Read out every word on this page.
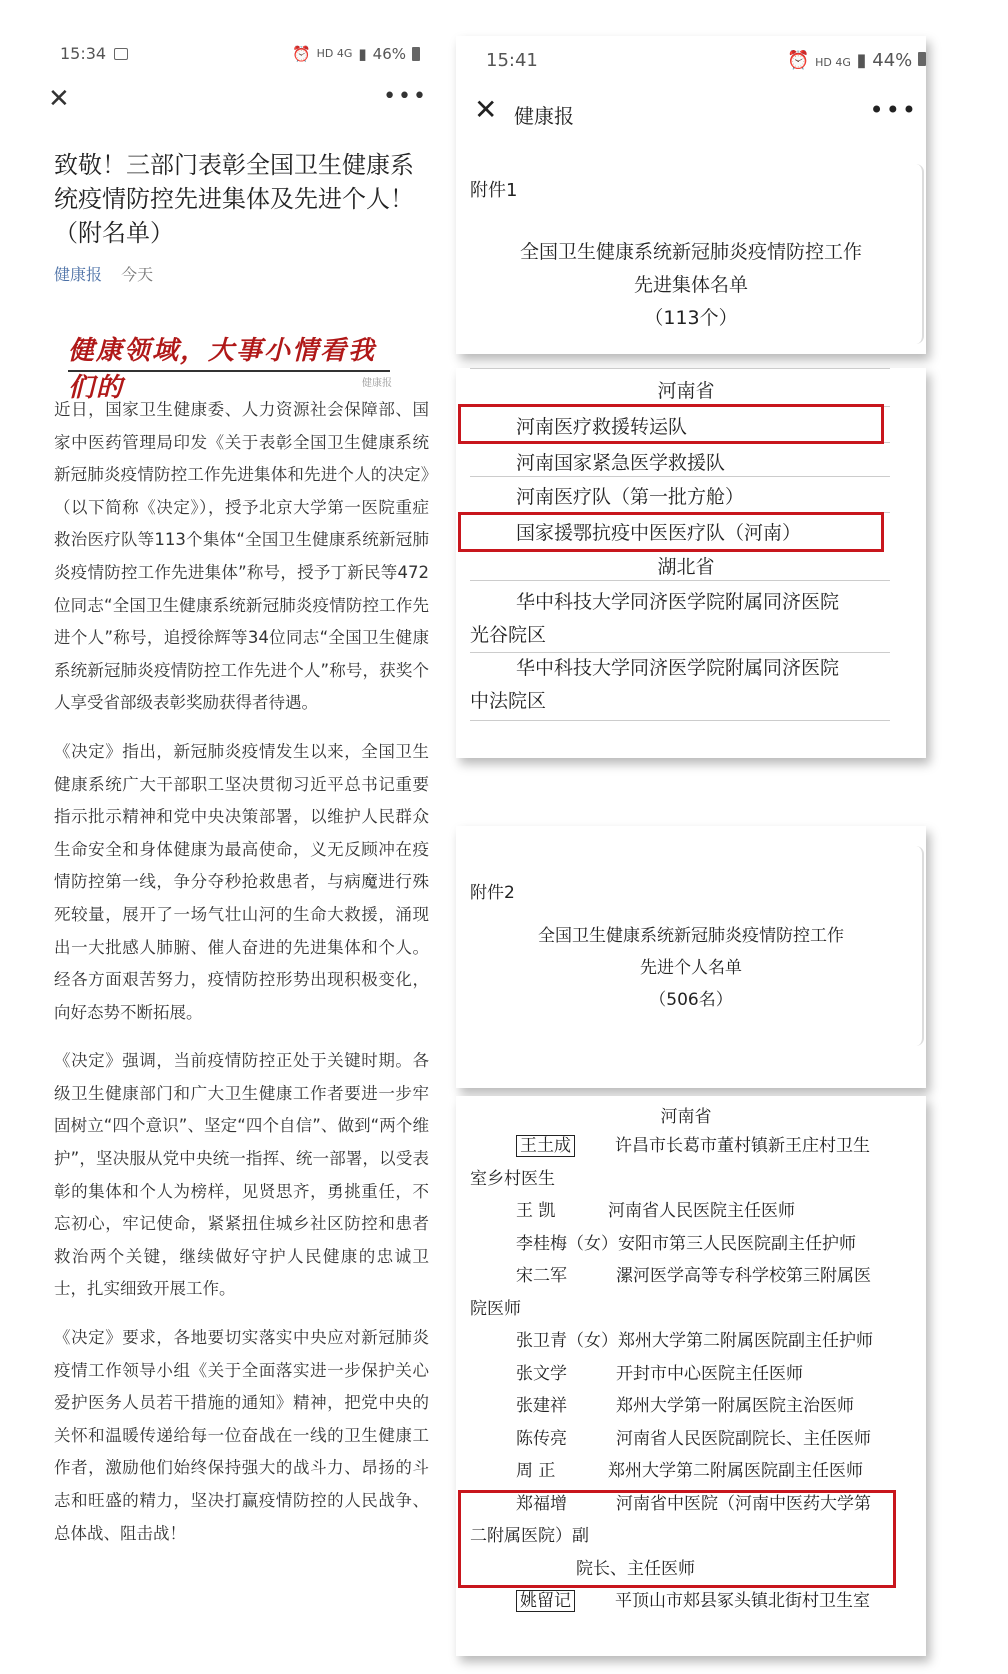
15:34	⏰ HD 4G ▮ 46%
✕	•••
致敬！三部门表彰全国卫生健康系统疫情防控先进集体及先进个人！（附名单）
健康报 今天
健康领域，大事小情看我们的	健康报

近日，国家卫生健康委、人力资源社会保障部、国家中医药管理局印发《关于表彰全国卫生健康系统新冠肺炎疫情防控工作先进集体和先进个人的决定》（以下简称《决定》），授予北京大学第一医院重症救治医疗队等113个集体“全国卫生健康系统新冠肺炎疫情防控工作先进集体”称号，授予丁新民等472位同志“全国卫生健康系统新冠肺炎疫情防控工作先进个人”称号，追授徐辉等34位同志“全国卫生健康系统新冠肺炎疫情防控工作先进个人”称号，获奖个人享受省部级表彰奖励获得者待遇。

《决定》指出，新冠肺炎疫情发生以来，全国卫生健康系统广大干部职工坚决贯彻习近平总书记重要指示批示精神和党中央决策部署，以维护人民群众生命安全和身体健康为最高使命，义无反顾冲在疫情防控第一线，争分夺秒抢救患者，与病魔进行殊死较量，展开了一场气壮山河的生命大救援，涌现出一大批感人肺腑、催人奋进的先进集体和个人。经各方面艰苦努力，疫情防控形势出现积极变化，向好态势不断拓展。

《决定》强调，当前疫情防控正处于关键时期。各级卫生健康部门和广大卫生健康工作者要进一步牢固树立“四个意识”、坚定“四个自信”、做到“两个维护”，坚决服从党中央统一指挥、统一部署，以受表彰的集体和个人为榜样，见贤思齐，勇挑重任，不忘初心，牢记使命，紧紧扭住城乡社区防控和患者救治两个关键，继续做好守护人民健康的忠诚卫士，扎实细致开展工作。

《决定》要求，各地要切实落实中央应对新冠肺炎疫情工作领导小组《关于全面落实进一步保护关心爱护医务人员若干措施的通知》精神，把党中央的关怀和温暖传递给每一位奋战在一线的卫生健康工作者，激励他们始终保持强大的战斗力、昂扬的斗志和旺盛的精力，坚决打赢疫情防控的人民战争、总体战、阻击战！

15:41	⏰ HD 4G ▮ 44%
✕ 健康报	•••
附件1
全国卫生健康系统新冠肺炎疫情防控工作
先进集体名单
（113个）
河南省
河南医疗救援转运队
河南国家紧急医学救援队
河南医疗队（第一批方舱）
国家援鄂抗疫中医医疗队（河南）
湖北省
华中科技大学同济医学院附属同济医院
光谷院区
华中科技大学同济医学院附属同济医院
中法院区
附件2
全国卫生健康系统新冠肺炎疫情防控工作
先进个人名单
（506名）
河南省
王土成	许昌市长葛市董村镇新王庄村卫生
室乡村医生
王 凯	河南省人民医院主任医师
李桂梅（女）安阳市第三人民医院副主任护师
宋二军	漯河医学高等专科学校第三附属医
院医师
张卫青（女）郑州大学第二附属医院副主任护师
张文学	开封市中心医院主任医师
张建祥	郑州大学第一附属医院主治医师
陈传亮	河南省人民医院副院长、主任医师
周 正	郑州大学第二附属医院副主任医师
郑福增	河南省中医院（河南中医药大学第
二附属医院）副
院长、主任医师
姚留记	平顶山市郏县冢头镇北街村卫生室
